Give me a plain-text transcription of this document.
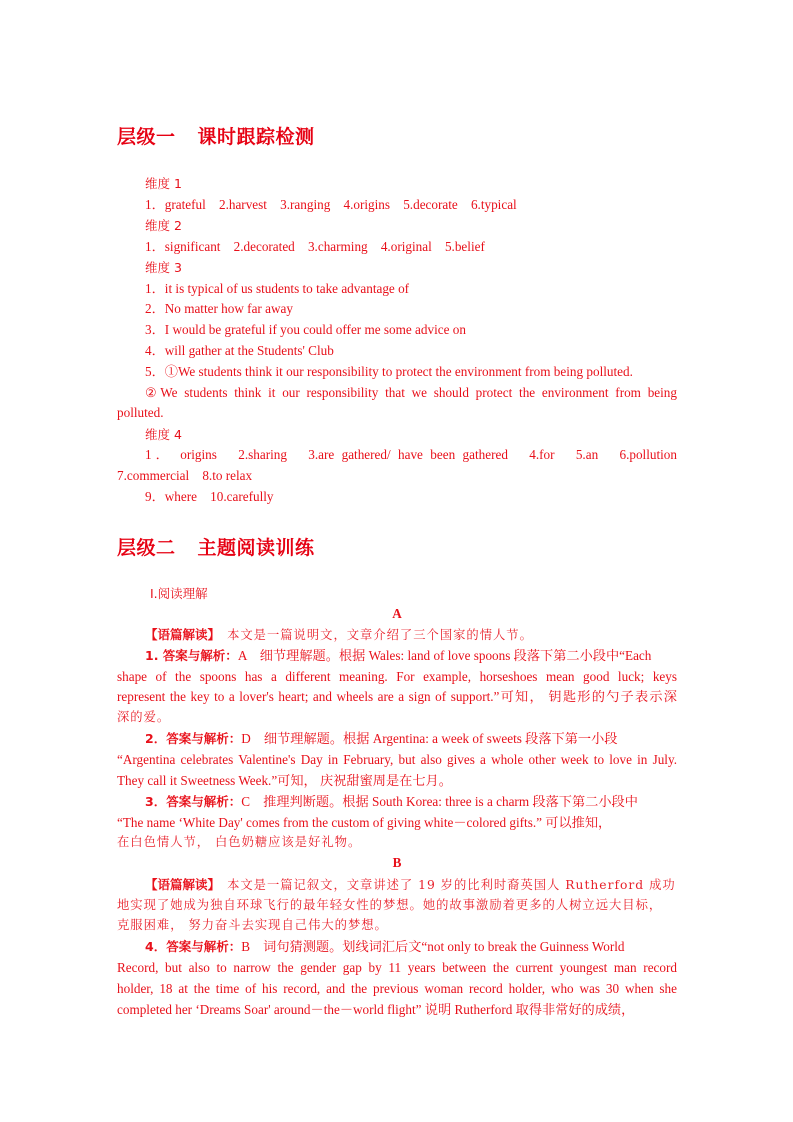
层级一 课时跟踪检测
维度 1
1．grateful　2.harvest　3.ranging　4.origins　5.decorate　6.typical
维度 2
1．significant　2.decorated　3.charming　4.original　5.belief
维度 3
1．it is typical of us students to take advantage of
2．No matter how far away
3．I would be grateful if you could offer me some advice on
4．will gather at the Students' Club
5．①We students think it our responsibility to protect the environment from being polluted.
②We students think it our responsibility that we should protect the environment from being
polluted.
维度 4
1． origins　2.sharing　3.are gathered/ have been gathered　4.for　5.an　6.pollution
7.commercial　8.to relax
9．where　10.carefully
层级二 主题阅读训练
Ⅰ.阅读理解
A
【语篇解读】　本文是一篇说明文，文章介绍了三个国家的情人节。
1. 答案与解析：A　细节理解题。根据 Wales: land of love spoons 段落下第二小段中“Each
shape of the spoons has a different meaning. For example, horseshoes mean good luck; keys
represent the key to a lover's heart; and wheels are a sign of support.”可知， 钥匙形的勺子表示深
深的爱。
2．答案与解析：D　细节理解题。根据 Argentina: a week of sweets 段落下第一小段
“Argentina celebrates Valentine's Day in February, but also gives a whole other week to love in July.
They call it Sweetness Week.”可知， 庆祝甜蜜周是在七月。
3．答案与解析：C　推理判断题。根据 South Korea: three is a charm 段落下第二小段中
“The name ‘White Day' comes from the custom of giving white－colored gifts.” 可以推知，
在白色情人节， 白色奶糖应该是好礼物。
B
【语篇解读】　本文是一篇记叙文，文章讲述了 19 岁的比利时裔英国人 Rutherford 成功
地实现了她成为独自环球飞行的最年轻女性的梦想。她的故事激励着更多的人树立远大目标，
克服困难， 努力奋斗去实现自己伟大的梦想。
4．答案与解析：B　词句猜测题。划线词汇后文“not only to break the Guinness World
Record, but also to narrow the gender gap by 11 years between the current youngest man record
holder, 18 at the time of his record, and the previous woman record holder, who was 30 when she
completed her ‘Dreams Soar' around－the－world flight” 说明 Rutherford 取得非常好的成绩，
